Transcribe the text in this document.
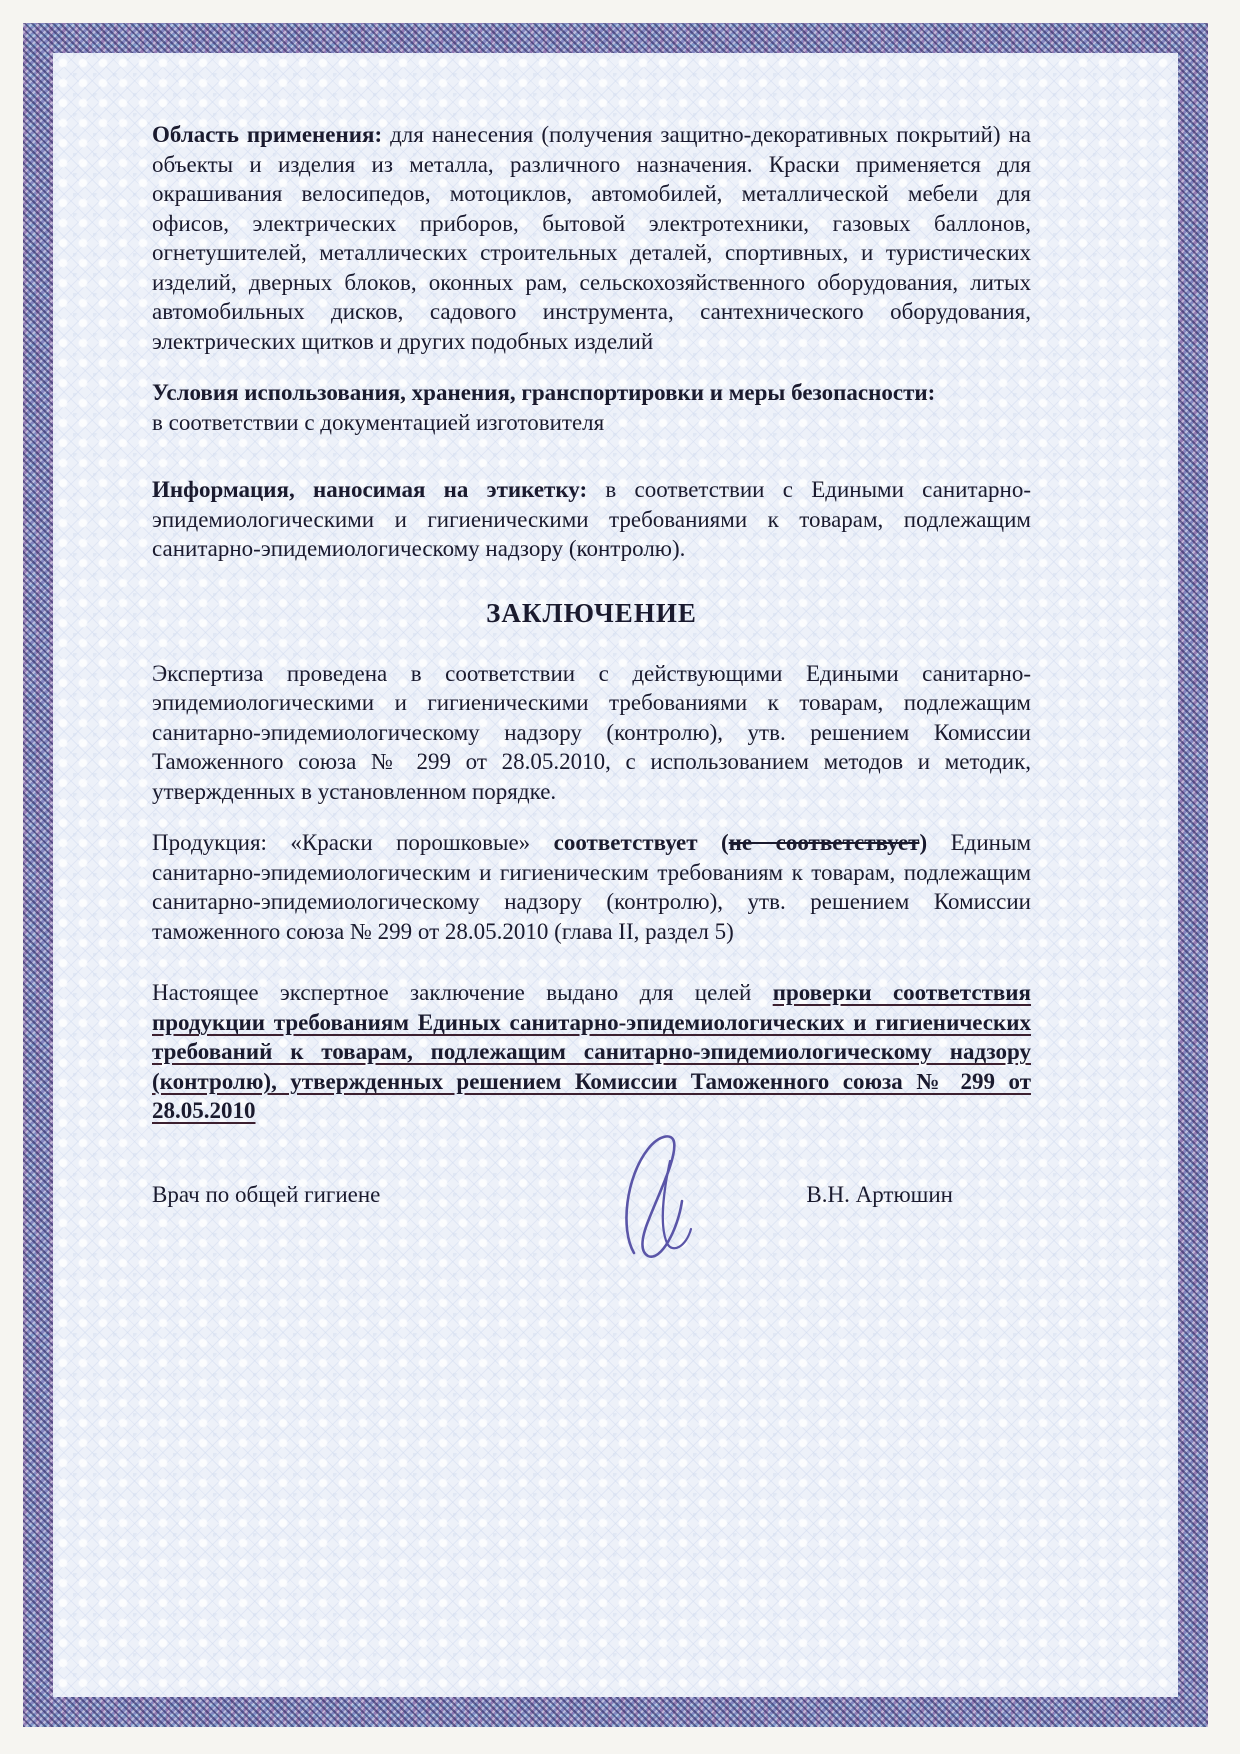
Область применения: для нанесения (получения защитно-декоративных покрытий) на объекты и изделия из металла, различного назначения. Краски применяется для окрашивания велосипедов, мотоциклов, автомобилей, металлической мебели для офисов, электрических приборов, бытовой электротехники, газовых баллонов, огнетушителей, металлических строительных деталей, спортивных, и туристических изделий, дверных блоков, оконных рам, сельскохозяйственного оборудования, литых автомобильных дисков, садового инструмента, сантехнического оборудования, электрических щитков и других подобных изделий

Условия использования, хранения, гранспортировки и меры безопасности:

в соответствии с документацией изготовителя

Информация, наносимая на этикетку: в соответствии с Едиными санитарно-эпидемиологическими и гигиеническими требованиями к товарам, подлежащим санитарно-эпидемиологическому надзору (контролю).

ЗАКЛЮЧЕНИЕ

Экспертиза проведена в соответствии с действующими Едиными санитарно-эпидемиологическими и гигиеническими требованиями к товарам, подлежащим санитарно-эпидемиологическому надзору (контролю), утв. решением Комиссии Таможенного союза № 299 от 28.05.2010, с использованием методов и методик, утвержденных в установленном порядке.

Продукция: «Краски порошковые» соответствует (не соответствует) Единым санитарно-эпидемиологическим и гигиеническим требованиям к товарам, подлежащим санитарно-эпидемиологическому надзору (контролю), утв. решением Комиссии таможенного союза № 299 от 28.05.2010 (глава II, раздел 5)

Настоящее экспертное заключение выдано для целей проверки соответствия продукции требованиям Единых санитарно-эпидемиологических и гигиенических требований к товарам, подлежащим санитарно-эпидемиологическому надзору (контролю), утвержденных решением Комиссии Таможенного союза № 299 от 28.05.2010

Врач по общей гигиене	В.Н. Артюшин
